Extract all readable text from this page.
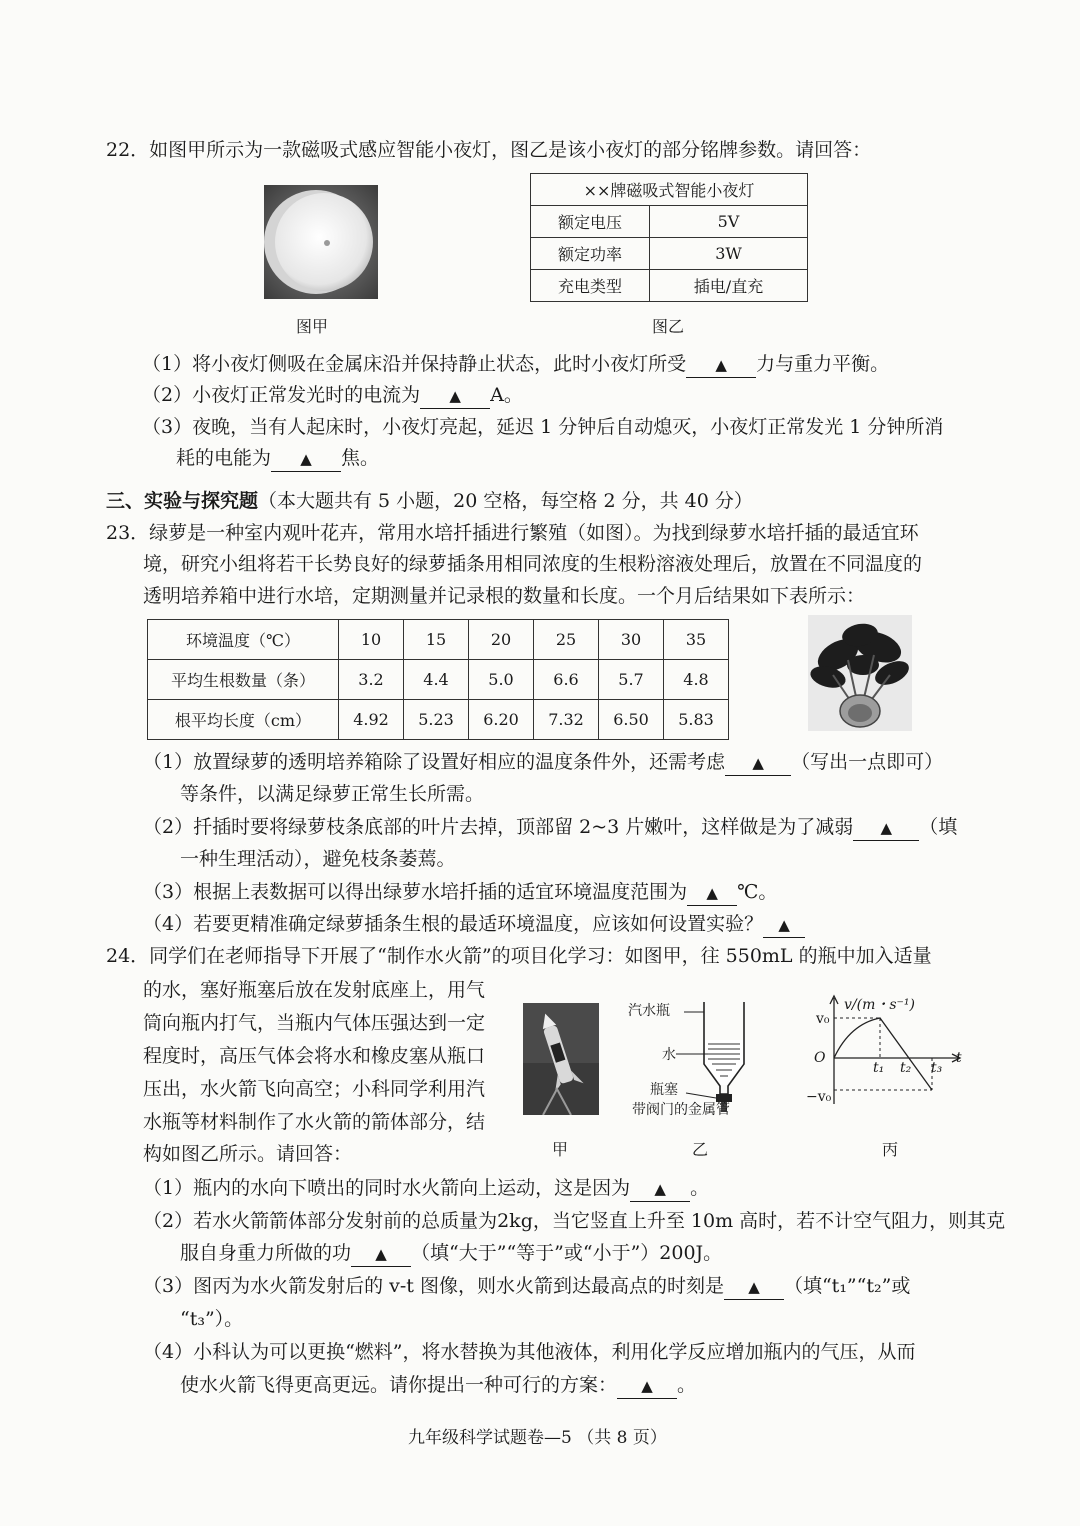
22．如图甲所示为一款磁吸式感应智能小夜灯，图乙是该小夜灯的部分铭牌参数。请回答：
图甲
××牌磁吸式智能小夜灯	
额定电压	5V
额定功率	3W
充电类型	插电/直充
图乙
（1）将小夜灯侧吸在金属床沿并保持静止状态，此时小夜灯所受 ▲ 力与重力平衡。
（2）小夜灯正常发光时的电流为 ▲ A。
（3）夜晚，当有人起床时，小夜灯亮起，延迟 1 分钟后自动熄灭，小夜灯正常发光 1 分钟所消
耗的电能为 ▲ 焦。
三、实验与探究题（本大题共有 5 小题，20 空格，每空格 2 分，共 40 分）
23．绿萝是一种室内观叶花卉，常用水培扦插进行繁殖（如图）。为找到绿萝水培扦插的最适宜环
境，研究小组将若干长势良好的绿萝插条用相同浓度的生根粉溶液处理后，放置在不同温度的
透明培养箱中进行水培，定期测量并记录根的数量和长度。一个月后结果如下表所示：
环境温度（℃）	10	15	20	25	30	35
平均生根数量（条）	3.2	4.4	5.0	6.6	5.7	4.8
根平均长度（cm）	4.92	5.23	6.20	7.32	6.50	5.83
（1）放置绿萝的透明培养箱除了设置好相应的温度条件外，还需考虑 ▲ （写出一点即可）
等条件，以满足绿萝正常生长所需。
（2）扦插时要将绿萝枝条底部的叶片去掉，顶部留 2~3 片嫩叶，这样做是为了减弱 ▲ （填
一种生理活动），避免枝条萎蔫。
（3）根据上表数据可以得出绿萝水培扦插的适宜环境温度范围为 ▲ ℃。
（4）若要更精准确定绿萝插条生根的最适环境温度，应该如何设置实验？ ▲
24．同学们在老师指导下开展了“制作水火箭”的项目化学习：如图甲，往 550mL 的瓶中加入适量
的水，塞好瓶塞后放在发射底座上，用气
筒向瓶内打气，当瓶内气体压强达到一定
程度时，高压气体会将水和橡皮塞从瓶口
压出，水火箭飞向高空；小科同学利用汽
水瓶等材料制作了水火箭的箭体部分，结
构如图乙所示。请回答：	甲
汽水瓶
水
瓶塞
带阀门的金属管
乙
v/(m・s⁻¹)
v₀
O	t
t₁ t₂ t₃
−v₀
丙
（1）瓶内的水向下喷出的同时水火箭向上运动，这是因为 ▲ 。
（2）若水火箭箭体部分发射前的总质量为2kg，当它竖直上升至 10m 高时，若不计空气阻力，则其克
服自身重力所做的功 ▲ （填“大于”“等于”或“小于”）200J。
（3）图丙为水火箭发射后的 v-t 图像，则水火箭到达最高点的时刻是 ▲ （填“t₁”“t₂”或
“t₃”）。
（4）小科认为可以更换“燃料”，将水替换为其他液体，利用化学反应增加瓶内的气压，从而
使水火箭飞得更高更远。请你提出一种可行的方案： ▲ 。
九年级科学试题卷—5 （共 8 页）
